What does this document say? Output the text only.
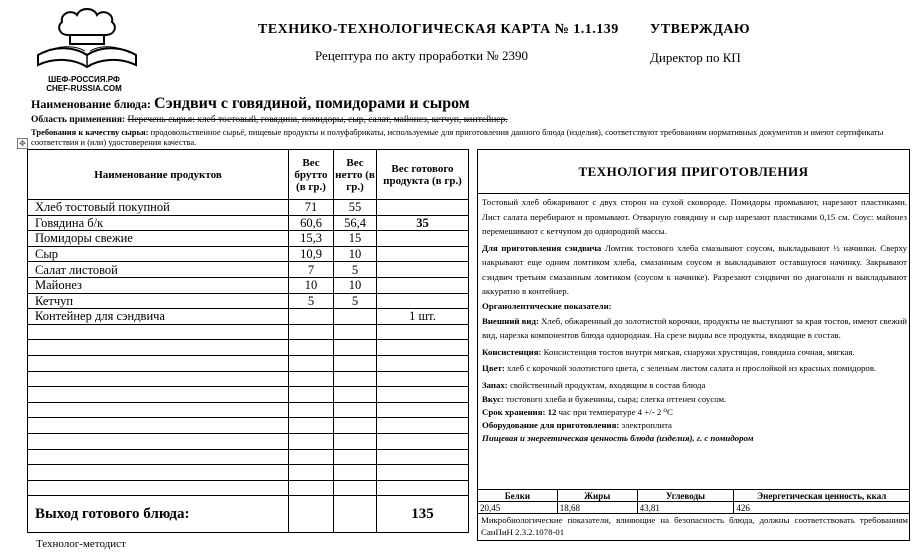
ШЕФ-РОССИЯ.РФ
CHEF-RUSSIA.COM
ТЕХНИКО-ТЕХНОЛОГИЧЕСКАЯ КАРТА № 1.1.139
Рецептура по акту проработки № 2390
УТВЕРЖДАЮ
Директор по КП
Наименование блюда: Сэндвич с говядиной, помидорами и сыром
Область применения: Перечень сырья: хлеб тостовый, говядина, помидоры, сыр, салат, майонез, кетчуп, контейнер.
Требования к качеству сырья: продовольственное сырьё, пищевые продукты и полуфабрикаты, используемые для приготовления данного блюда (изделия), соответствуют требованиям нормативных документов и имеют сертификаты соответствия и (или) удостоверения качества.
✥
Наименование продуктов	Вес брутто (в гр.)	Вес нетто (в гр.)	Вес готового продукта (в гр.)
Хлеб тостовый покупной	71	55	
Говядина б/к	60,6	56,4	35
Помидоры свежие	15,3	15	
Сыр	10,9	10	
Салат листовой	7	5	
Майонез	10	10	
Кетчуп	5	5	
Контейнер для сэндвича			1 шт.

Выход готового блюда:			135
ТЕХНОЛОГИЯ ПРИГОТОВЛЕНИЯ

Тостовый хлеб обжаривают с двух сторон на сухой сковороде. Помидоры промывают, нарезают пластиками. Лист салата перебирают и промывают. Отварную говядину и сыр нарезают пластиками 0,15 см. Соус: майонез перемешивают с кетчупом до однородной массы.

Для приготовления сэндвича Ломтик тостового хлеба смазывают соусом, выкладывают ½ начинки. Сверху накрывают еще одним ломтиком хлеба, смазанным соусом и выкладывают оставшуюся начинку. Закрывают сэндвич третьим смазанным ломтиком (соусом к начинке). Разрезают сэндвичи по диагонали и выкладывают аккуратно в контейнер.

Органолептические показатели:

Внешний вид: Хлеб, обжаренный до золотистой корочки, продукты не выступают за края тостов, имеют свежий вид, нарезка компонентов блюда однородная. На срезе видны все продукты, входящие в состав.

Консистенция: Консистенция тостов внутри мягкая, снаружи хрустящая, говядина сочная, мягкая.

Цвет: хлеб с корочкой золотистого цвета, с зеленым листом салата и прослойкой из красных помидоров.

Запах: свойственный продуктам, входящим в состав блюда

Вкус: тостового хлеба и буженины, сыра; слегка оттенен соусом.

Срок хранения: 12 час при температуре 4 +/- 2 ⁰С

Оборудование для приготовления: электроплита

Пищевая и энергетическая ценность блюда (изделия), г. с помидором

Белки	Жиры	Углеводы	Энергетическая ценность, ккал
20,45	18,68	43,81	426
Микробиологические показатели, влияющие на безопасность блюда, должны соответствовать требованиям СанПиН 2.3.2.1078-01
Технолог-методист
